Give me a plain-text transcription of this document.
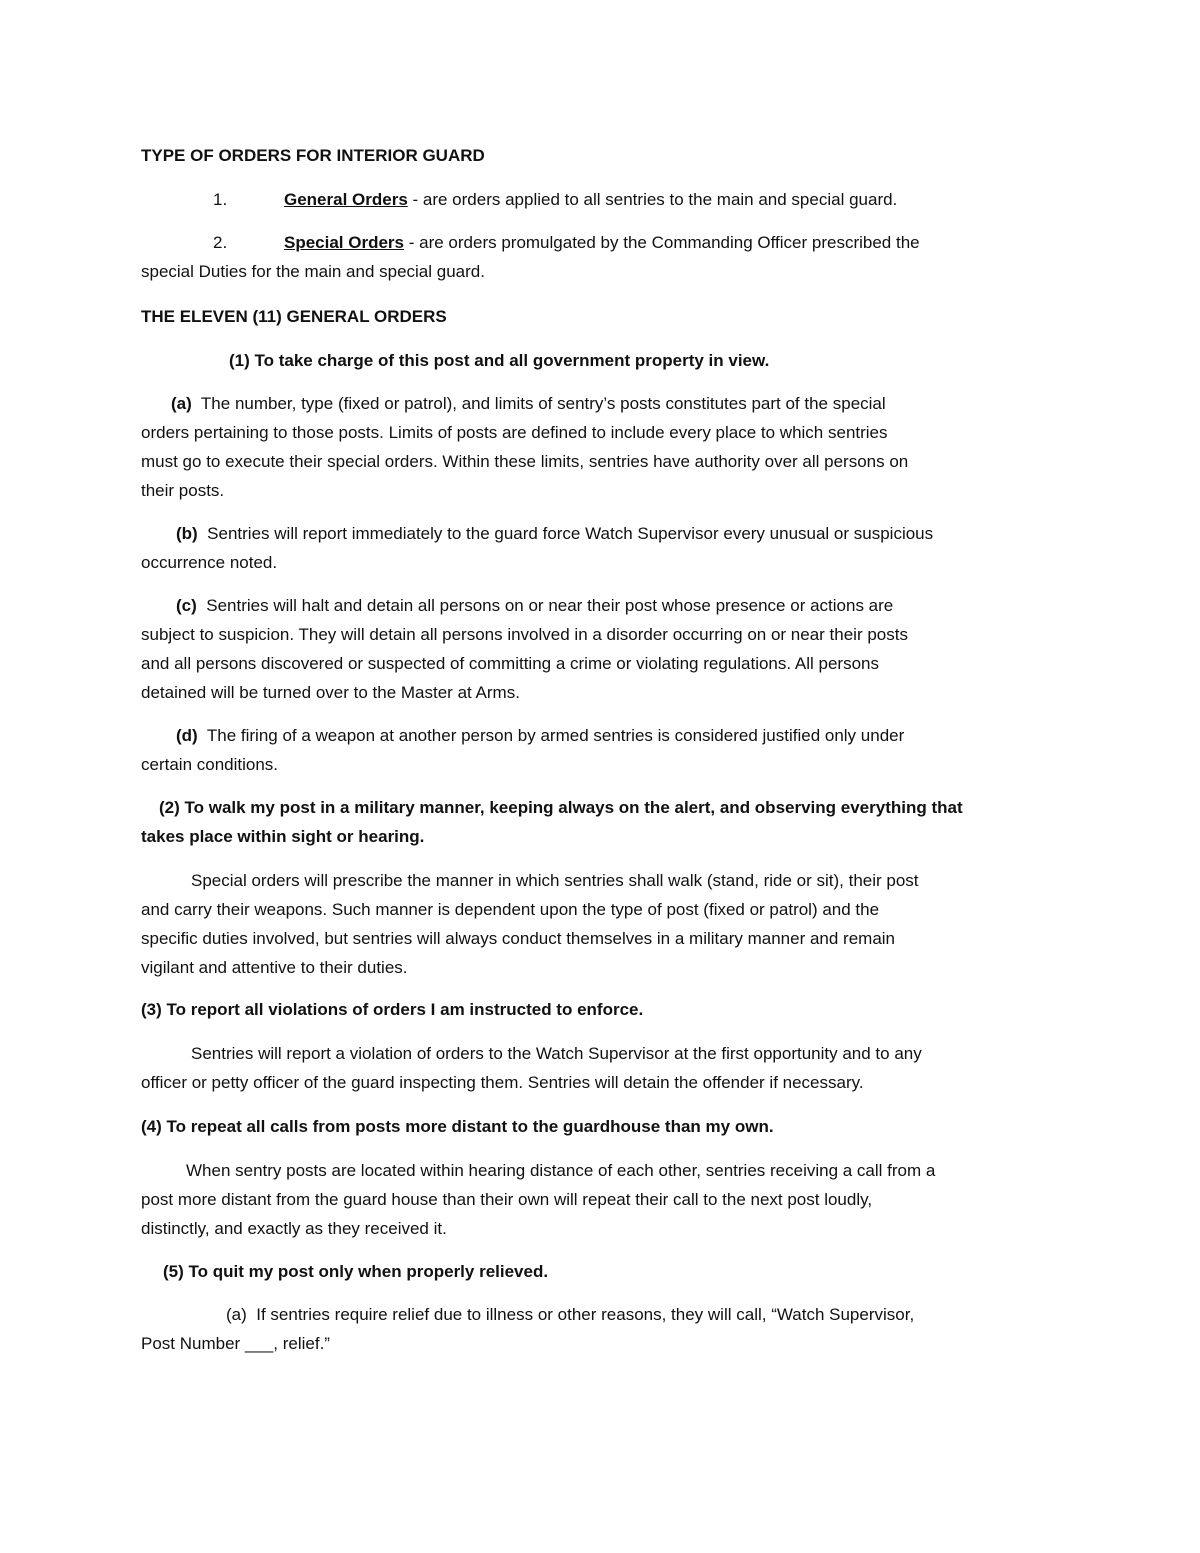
TYPE OF ORDERS FOR INTERIOR GUARD
1.	General Orders - are orders applied to all sentries to the main and special guard.
2.	Special Orders - are orders promulgated by the Commanding Officer prescribed the
special Duties for the main and special guard.
THE ELEVEN (11) GENERAL ORDERS
(1) To take charge of this post and all government property in view.
(a) The number, type (fixed or patrol), and limits of sentry’s posts constitutes part of the special
orders pertaining to those posts. Limits of posts are defined to include every place to which sentries
must go to execute their special orders. Within these limits, sentries have authority over all persons on
their posts.
(b) Sentries will report immediately to the guard force Watch Supervisor every unusual or suspicious
occurrence noted.
(c) Sentries will halt and detain all persons on or near their post whose presence or actions are
subject to suspicion. They will detain all persons involved in a disorder occurring on or near their posts
and all persons discovered or suspected of committing a crime or violating regulations. All persons
detained will be turned over to the Master at Arms.
(d) The firing of a weapon at another person by armed sentries is considered justified only under
certain conditions.
(2) To walk my post in a military manner, keeping always on the alert, and observing everything that
takes place within sight or hearing.
Special orders will prescribe the manner in which sentries shall walk (stand, ride or sit), their post
and carry their weapons. Such manner is dependent upon the type of post (fixed or patrol) and the
specific duties involved, but sentries will always conduct themselves in a military manner and remain
vigilant and attentive to their duties.
(3) To report all violations of orders I am instructed to enforce.
Sentries will report a violation of orders to the Watch Supervisor at the first opportunity and to any
officer or petty officer of the guard inspecting them. Sentries will detain the offender if necessary.
(4) To repeat all calls from posts more distant to the guardhouse than my own.
When sentry posts are located within hearing distance of each other, sentries receiving a call from a
post more distant from the guard house than their own will repeat their call to the next post loudly,
distinctly, and exactly as they received it.
(5) To quit my post only when properly relieved.
(a) If sentries require relief due to illness or other reasons, they will call, “Watch Supervisor,
Post Number ___, relief.”
